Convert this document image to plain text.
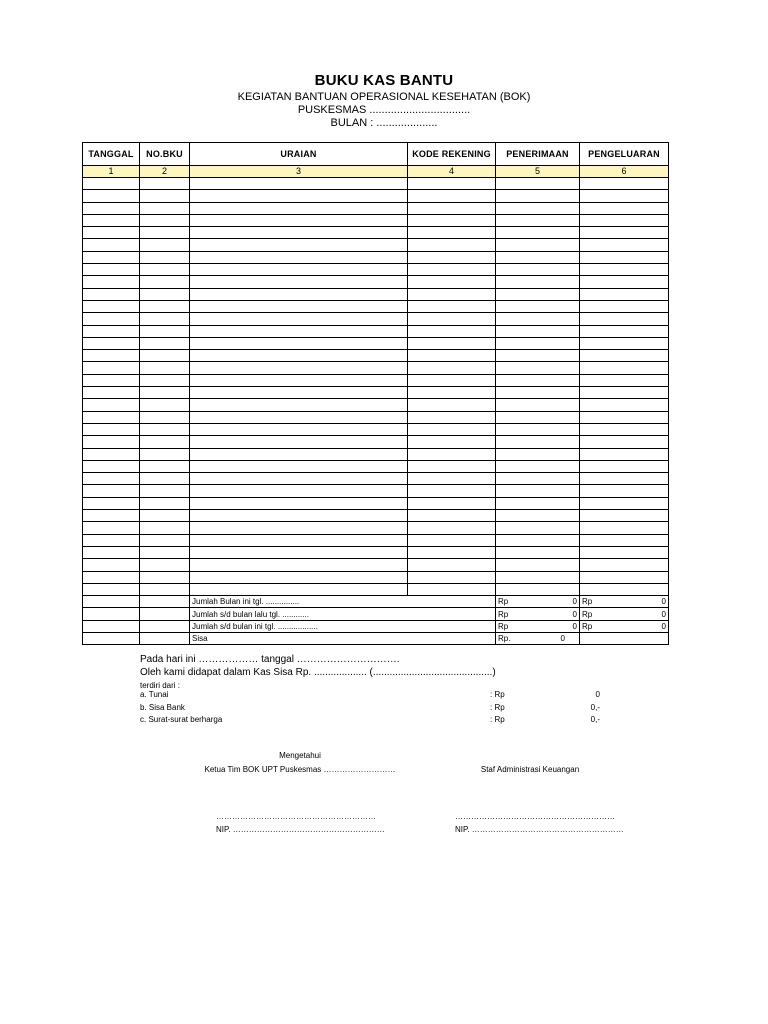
BUKU KAS BANTU
KEGIATAN BANTUAN OPERASIONAL KESEHATAN (BOK)
PUSKESMAS .................................
BULAN : ....................
TANGGAL	NO.BKU	URAIAN	KODE REKENING	PENERIMAAN	PENGELUARAN
1	2	3	4	5	6

		Jumlah Bulan ini tgl. ...............		Rp 0	Rp 0

		Jumlah s/d bulan lalu tgl. ............		Rp 0	Rp 0

		Jumlah s/d bulan ini tgl. ..................		Rp 0	Rp 0

		Sisa		Rp. 0	

Pada hari ini ……………… tanggal ………………………….
Oleh kami didapat dalam Kas Sisa Rp. ................... (...........................................)
terdiri dari :
a. Tunai	: Rp	0
b. Sisa Bank	: Rp	0,-
c. Surat-surat berharga	: Rp	0,-
Mengetahui
Ketua Tim BOK UPT Puskesmas ………………………	Staf Administrasi Keuangan
……………………………………………………
NIP. …………………………………………………
……………………………………………………
NIP. …………………………………………………
